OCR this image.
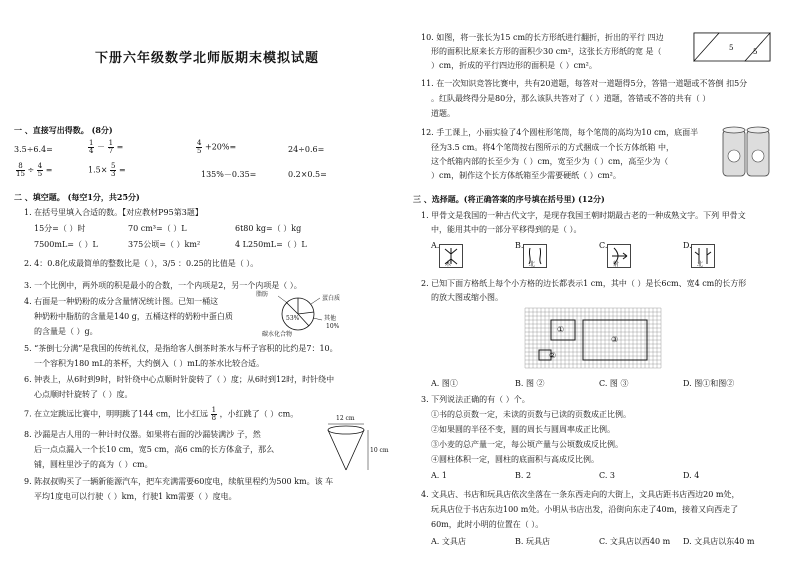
下册六年级数学北师版期末模拟试题
一 、直接写出得数。 (8分)
3.5÷6.4=	$\frac{1}{4} - \frac{1}{7}$ =	$\frac{4}{5} +20\%=$	24÷0.6=
$\frac{8}{15} \div \frac{4}{5}$ =	$1.5\times \frac{5}{3}$ =	135%－0.35=	0.2×0.5=
二 、填空题。 (每空1分，共25分)
1. 在括号里填入合适的数。【对应教材P95第3题】
15分=（ ）时	70 cm³=（ ）L	6t80 kg=（ ）kg
7500mL=（ ）L	375公顷=（ ）km²	4 L250mL=（ ）L
2. 4：0.8化成最简单的整数比是（ ），3/5 ：0.25的比值是（ ）。
3. 一个比例中，两外项的积是最小的合数，一个内项是2，另一个内项是（ ）。
4. 右面是一种奶粉的成分含量情况统计图。已知一桶这
种奶粉中脂肪的含量是140 g，五桶这样的奶粉中蛋白质
的含量是（ ）g。
脂肪
蛋白质
其他
10%
53%
碳水化合物
5. “茶倒七分满”是我国的传统礼仪，是指给客人倒茶时茶水与杯子容积的比约是7：10。
一个容积为180 mL的茶杯，大约倒入（ ）mL的茶水比较合适。
6. 钟表上，从6时到9时，时针绕中心点顺时针旋转了（ ）度；从6时到12时，时针绕中
心点顺时针旋转了（ ）度。
7. 在立定跳远比赛中，明明跳了144 cm，比小红远 $\frac{1}{8}$ ，小红跳了（ ）cm。
8. 沙漏是古人用的一种计时仪器。如果将右面的沙漏装满沙 子，然
后一点点漏入一个长10 cm，宽5 cm，高6 cm的长方体盒子，那么
铺，圆柱里沙子的高为（ ）cm。
12 cm
10 cm
9. 陈叔叔购买了一辆新能源汽车，把车充满需要60度电，续航里程约为500 km。该 车
平均1度电可以行驶（ ）km，行驶1 km需要（ ）度电。
10. 如图，将一张长为15 cm的长方形纸进行翻折，折出的平行 四边
形的面积比原来长方形的面积少30 cm²，这张长方形纸的宽 是（
）cm，折成的平行四边形的面积是（ ）cm²。
5	5
11. 在一次知识竞答比赛中，共有20道题，每答对一道题得5分，答错一道题或不答倒 扣5分
。红队最终得分是80分，那么该队共答对了（ ）道题，答错或不答的共有（ ）
道题。
12. 手工课上，小丽实验了4个圆柱形笔筒，每个笔筒的高均为10 cm，底面半
径为3.5 cm。将4个笔筒按右图所示的方式捆成一个长方体纸箱 中，
这个纸箱内部的长至少为（ ）cm，宽至少为（ ）cm，高至少为（
）cm，制作这个长方体纸箱至少需要硬纸（ ）cm²。
三 、选择题。(将正确答案的序号填在括号里) (12分)
1. 甲骨文是我国的一种古代文字，是现存我国王朝时期最古老的一种成熟文字。下列 甲骨文
中，能用其中的一部分平移得到的是（ ）。
A.
木
B.
北
C.
射
D.
北
2. 已知下面方格纸上每个小方格的边长都表示1 cm，其中（ ）是长6cm、宽4 cm的长方形
的放大图或缩小图。
①
②
③
A. 图①	B. 图 ②	C. 图 ③	D. 图①和图②
3. 下列说法正确的有（ ）个。
①书的总页数一定，未读的页数与已读的页数成正比例。
②如果圆的半径不变，圆的周长与圆周率成正比例。
③小麦的总产量一定，每公顷产量与公顷数成反比例。
④圆柱体积一定，圆柱的底面积与高成反比例。
A. 1	B. 2	C. 3	D. 4
4. 文具店、书店和玩具店依次坐落在一条东西走向的大街上，文具店距书店西边20 m处，
玩具店位于书店东边100 m处。小明从书店出发，沿街向东走了40m，接着又向西走了
60m，此时小明的位置在（ ）。
A. 文具店	B. 玩具店	C. 文具店以西40 m D. 文具店以东40 m
